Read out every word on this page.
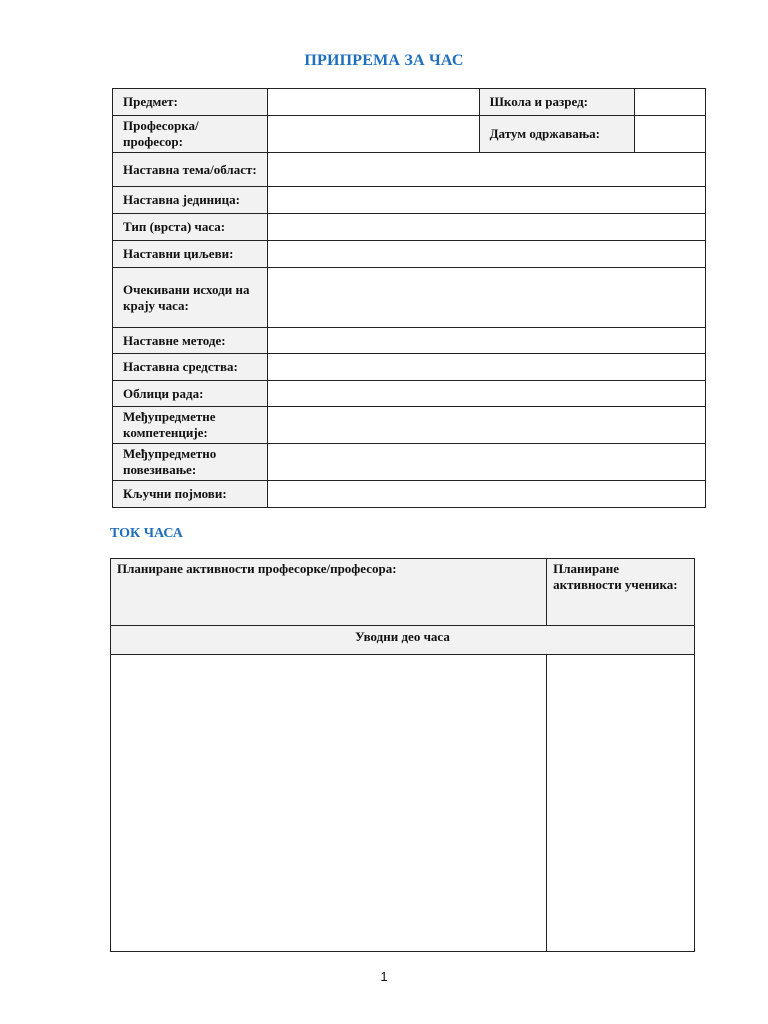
ПРИПРЕМА ЗА ЧАС
Предмет:		Школа и разред:	
Професорка/ професор:		Датум одржавања:	
Наставна тема/област:			
Наставна јединица:			
Тип (врста) часа:			
Наставни циљеви:			
Очекивани исходи на крају часа:			
Наставне методе:			
Наставна средства:			
Облици рада:			
Међупредметне компетенције:			
Међупредметно повезивање:			
Кључни појмови:			
ТОК ЧАСА
Планиране активности професорке/професора:	Планиране активности ученика:
Уводни део часа	

1
